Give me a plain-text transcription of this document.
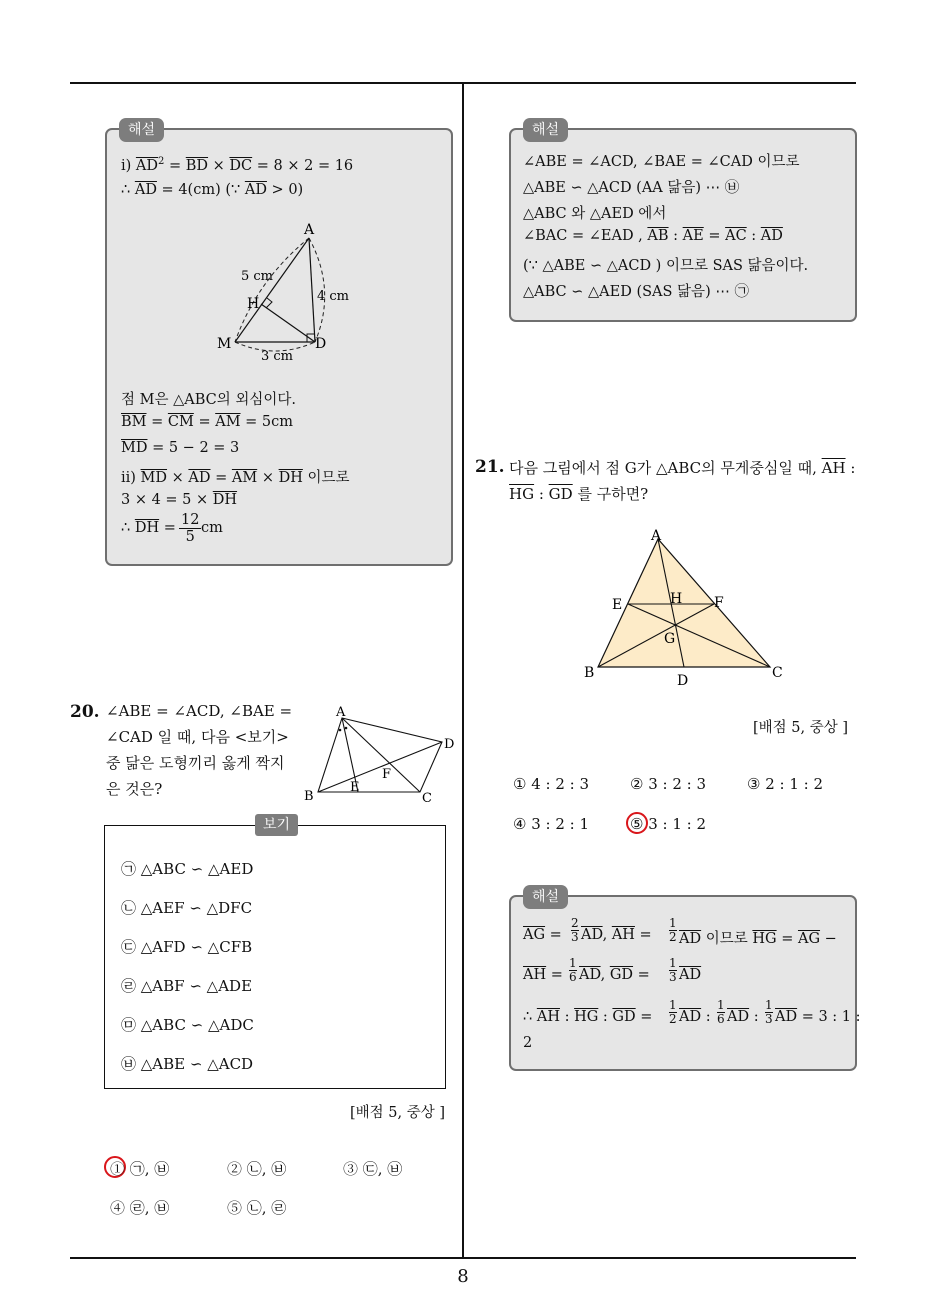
8
해설
ⅰ) $\overline{AD}^2 = \overline{BD} \times \overline{DC} = 8 \times 2 = 16$
∴ $\overline{AD} = 4(cm)$ (∵ $\overline{AD} > 0$)
A
H
M	D
5 cm
4 cm
3 cm
점 M은 △ABC의 외심이다.
$\overline{BM} = \overline{CM} = \overline{AM} = 5cm$
$\overline{MD} = 5 - 2 = 3$
ⅱ) $\overline{MD} \times \overline{AD} = \overline{AM} \times \overline{DH}$ 이므로
$3 \times 4 = 5 \times \overline{DH}$
∴ $\overline{DH} = 12$
5
cm
20. ∠ABE = ∠ACD, ∠BAE =
∠CAD 일 때, 다음 <보기>
중 닮은 도형끼리 옳게 짝지
은 것은?
A
B	C
D
E
F
보기
㉠ △ABC ∽ △AED
㉡ △AEF ∽ △DFC
㉢ △AFD ∽ △CFB
㉣ △ABF ∽ △ADE
㉤ △ABC ∽ △ADC
㉥ △ABE ∽ △ACD
[배점 5, 중상 ]
① ㉠, ㉥	② ㉡, ㉥	③ ㉢, ㉥
④ ㉣, ㉥	⑤ ㉡, ㉣
해설
∠ABE = ∠ACD, ∠BAE = ∠CAD 이므로
△ABE ∽ △ACD (AA 닮음) ⋯ ㉥
△ABC 와 △AED 에서
∠BAC = ∠EAD , $\overline{AB}$ : $\overline{AE} = \overline{AC}$ : $\overline{AD}$
(∵ △ABE ∽ △ACD ) 이므로 SAS 닮음이다.
△ABC ∽ △AED (SAS 닮음) ⋯ ㉠
21. 다음 그림에서 점 G가 △ABC의 무게중심일 때, $\overline{AH}$ :
$\overline{HG}$ : $\overline{GD}$ 를 구하면?
A
E	H F
G
B	C
D
[배점 5, 중상 ]
① 4 : 2 : 3	② 3 : 2 : 3	③ 2 : 1 : 2
④ 3 : 2 : 1	⑤ 3 : 1 : 2
해설
$\overline{AG}$ =
2
3 $\overline{AD}$, $\overline{AH}$ =
1
2 $\overline{AD}$ 이므로 $\overline{HG} = \overline{AG}$ −
$\overline{AH}$ =
1
6 $\overline{AD}$, $\overline{GD}$ =
1
3 $\overline{AD}$
∴ $\overline{AH}$ : $\overline{HG}$ : $\overline{GD}$ =
1
2 $\overline{AD}$ :
1
6 $\overline{AD}$ :
1
3 $\overline{AD} = 3$ : 1 :
2
